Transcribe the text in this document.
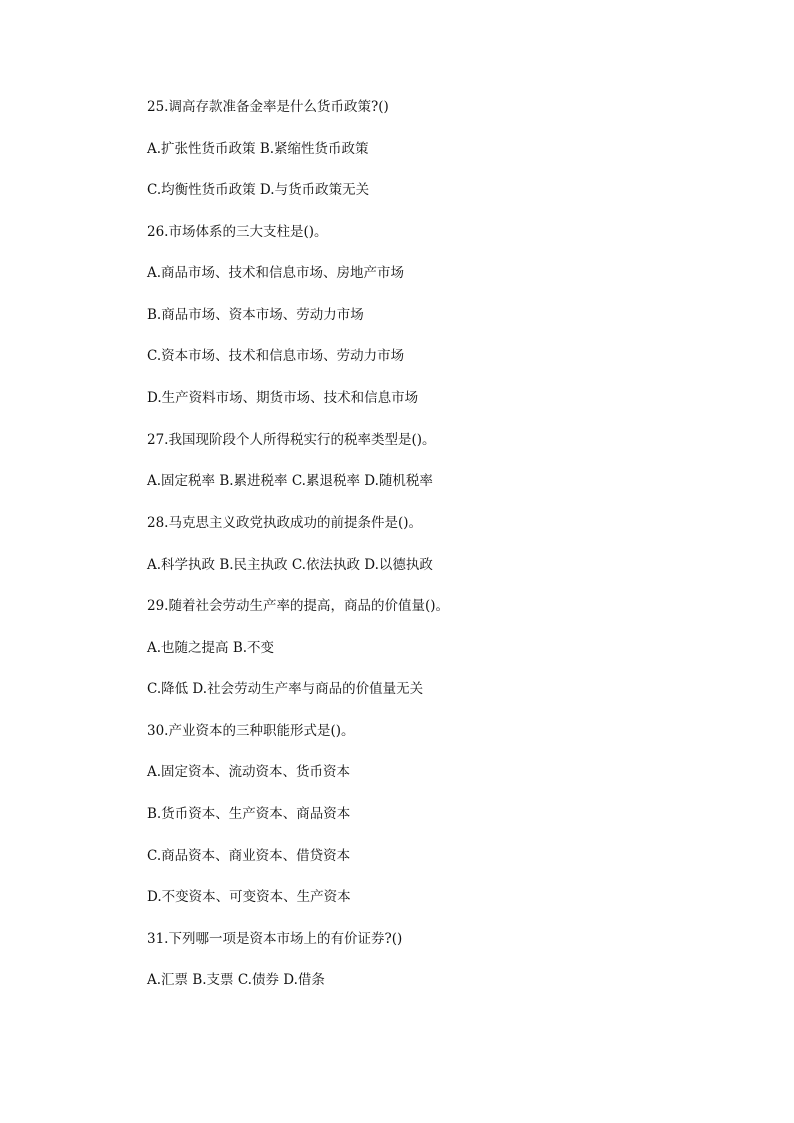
25.调高存款准备金率是什么货币政策?()
A.扩张性货币政策 B.紧缩性货币政策
C.均衡性货币政策 D.与货币政策无关
26.市场体系的三大支柱是()。
A.商品市场、技术和信息市场、房地产市场
B.商品市场、资本市场、劳动力市场
C.资本市场、技术和信息市场、劳动力市场
D.生产资料市场、期货市场、技术和信息市场
27.我国现阶段个人所得税实行的税率类型是()。
A.固定税率 B.累进税率 C.累退税率 D.随机税率
28.马克思主义政党执政成功的前提条件是()。
A.科学执政 B.民主执政 C.依法执政 D.以德执政
29.随着社会劳动生产率的提高，商品的价值量()。
A.也随之提高 B.不变
C.降低 D.社会劳动生产率与商品的价值量无关
30.产业资本的三种职能形式是()。
A.固定资本、流动资本、货币资本
B.货币资本、生产资本、商品资本
C.商品资本、商业资本、借贷资本
D.不变资本、可变资本、生产资本
31.下列哪一项是资本市场上的有价证券?()
A.汇票 B.支票 C.债券 D.借条
